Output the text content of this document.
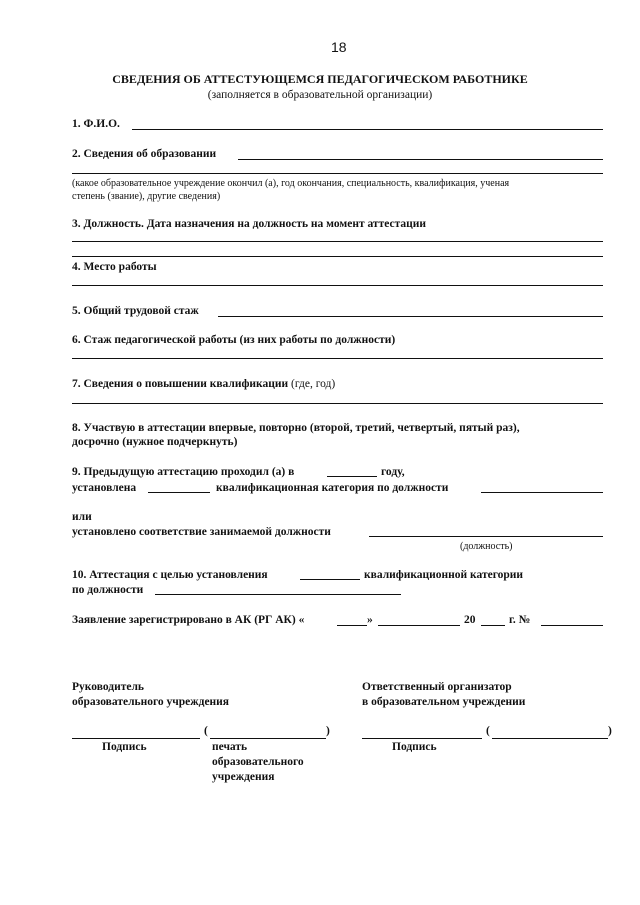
18
СВЕДЕНИЯ ОБ АТТЕСТУЮЩЕМСЯ ПЕДАГОГИЧЕСКОМ РАБОТНИКЕ
(заполняется в образовательной организации)
1. Ф.И.О.
2. Сведения об образовании
(какое образовательное учреждение окончил (а), год окончания, специальность, квалификация, ученая
степень (звание), другие сведения)
3. Должность. Дата назначения на должность на момент аттестации
4. Место работы
5. Общий трудовой стаж
6. Стаж педагогической работы (из них работы по должности)
7. Сведения о повышении квалификации (где, год)
8. Участвую в аттестации впервые, повторно (второй, третий, четвертый, пятый раз),
досрочно (нужное подчеркнуть)
9. Предыдущую аттестацию проходил (а) в	году,
установлена	квалификационная категория по должности
или
установлено соответствие занимаемой должности
(должность)
10. Аттестация с целью установления	квалификационной категории
по должности
Заявление зарегистрировано в АК (РГ АК) «	»	20	г. №
Руководитель
образовательного учреждения
(	)
Подпись	печать
образовательного
учреждения
Ответственный организатор
в образовательном учреждении
(	)
Подпись
